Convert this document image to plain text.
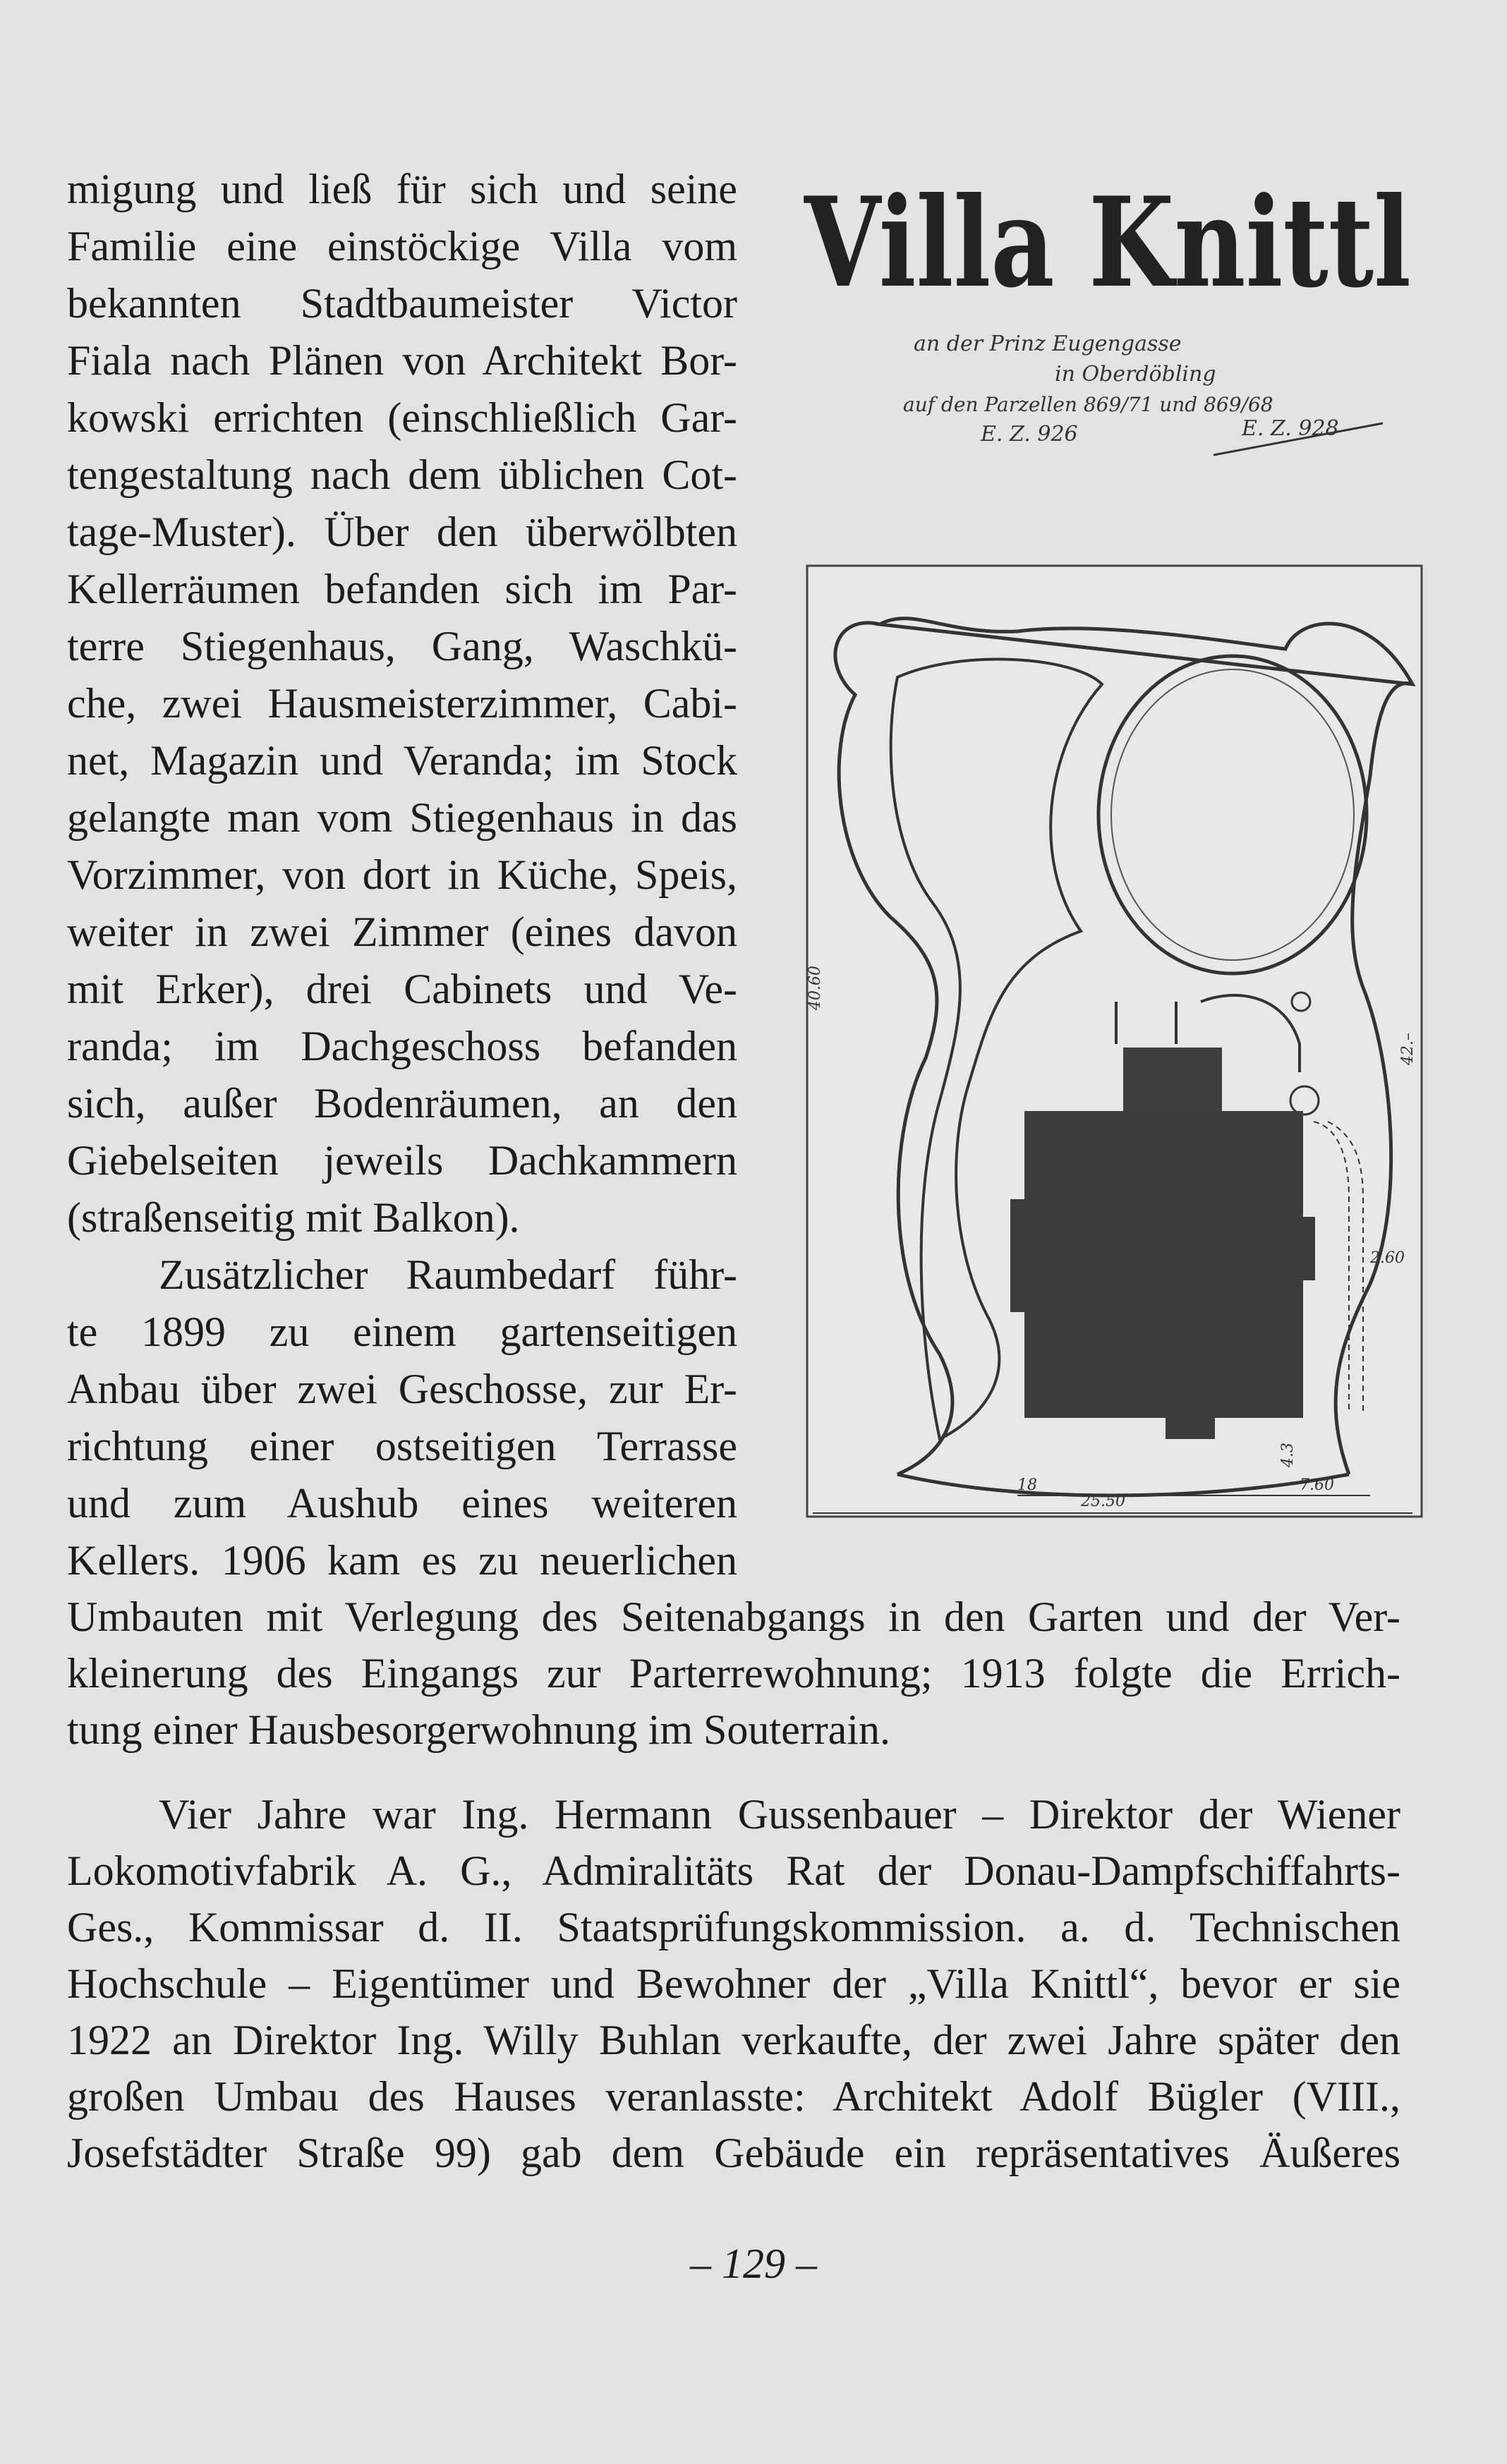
migung und ließ für sich und seine
Familie eine einstöckige Villa vom
bekannten Stadtbaumeister Victor
Fiala nach Plänen von Architekt Bor-
kowski errichten (einschließlich Gar-
tengestaltung nach dem üblichen Cot-
tage-Muster). Über den überwölbten
Kellerräumen befanden sich im Par-
terre Stiegenhaus, Gang, Waschkü-
che, zwei Hausmeisterzimmer, Cabi-
net, Magazin und Veranda; im Stock
gelangte man vom Stiegenhaus in das
Vorzimmer, von dort in Küche, Speis,
weiter in zwei Zimmer (eines davon
mit Erker), drei Cabinets und Ve-
randa; im Dachgeschoss befanden
sich, außer Bodenräumen, an den
Giebelseiten jeweils Dachkammern
(straßenseitig mit Balkon).
Zusätzlicher Raumbedarf führ-
te 1899 zu einem gartenseitigen
Anbau über zwei Geschosse, zur Er-
richtung einer ostseitigen Terrasse
und zum Aushub eines weiteren
Kellers. 1906 kam es zu neuerlichen
Umbauten mit Verlegung des Seitenabgangs in den Garten und der Ver-
kleinerung des Eingangs zur Parterrewohnung; 1913 folgte die Errich-
tung einer Hausbesorgerwohnung im Souterrain.
Vier Jahre war Ing. Hermann Gussenbauer – Direktor der Wiener
Lokomotivfabrik A. G., Admiralitäts Rat der Donau-Dampfschiffahrts-
Ges., Kommissar d. II. Staatsprüfungskommission. a. d. Technischen
Hochschule – Eigentümer und Bewohner der „Villa Knittl“, bevor er sie
1922 an Direktor Ing. Willy Buhlan verkaufte, der zwei Jahre später den
großen Umbau des Hauses veranlasste: Architekt Adolf Bügler (VIII.,
Josefstädter Straße 99) gab dem Gebäude ein repräsentatives Äußeres
Villa Knittl
an der Prinz Eugengasse
in Oberdöbling
auf den Parzellen 869/71 und 869/68
E. Z. 926	E. Z. 928
18
25.50
7.60
40.60
42.–
2.60
4.3
– 129 –
